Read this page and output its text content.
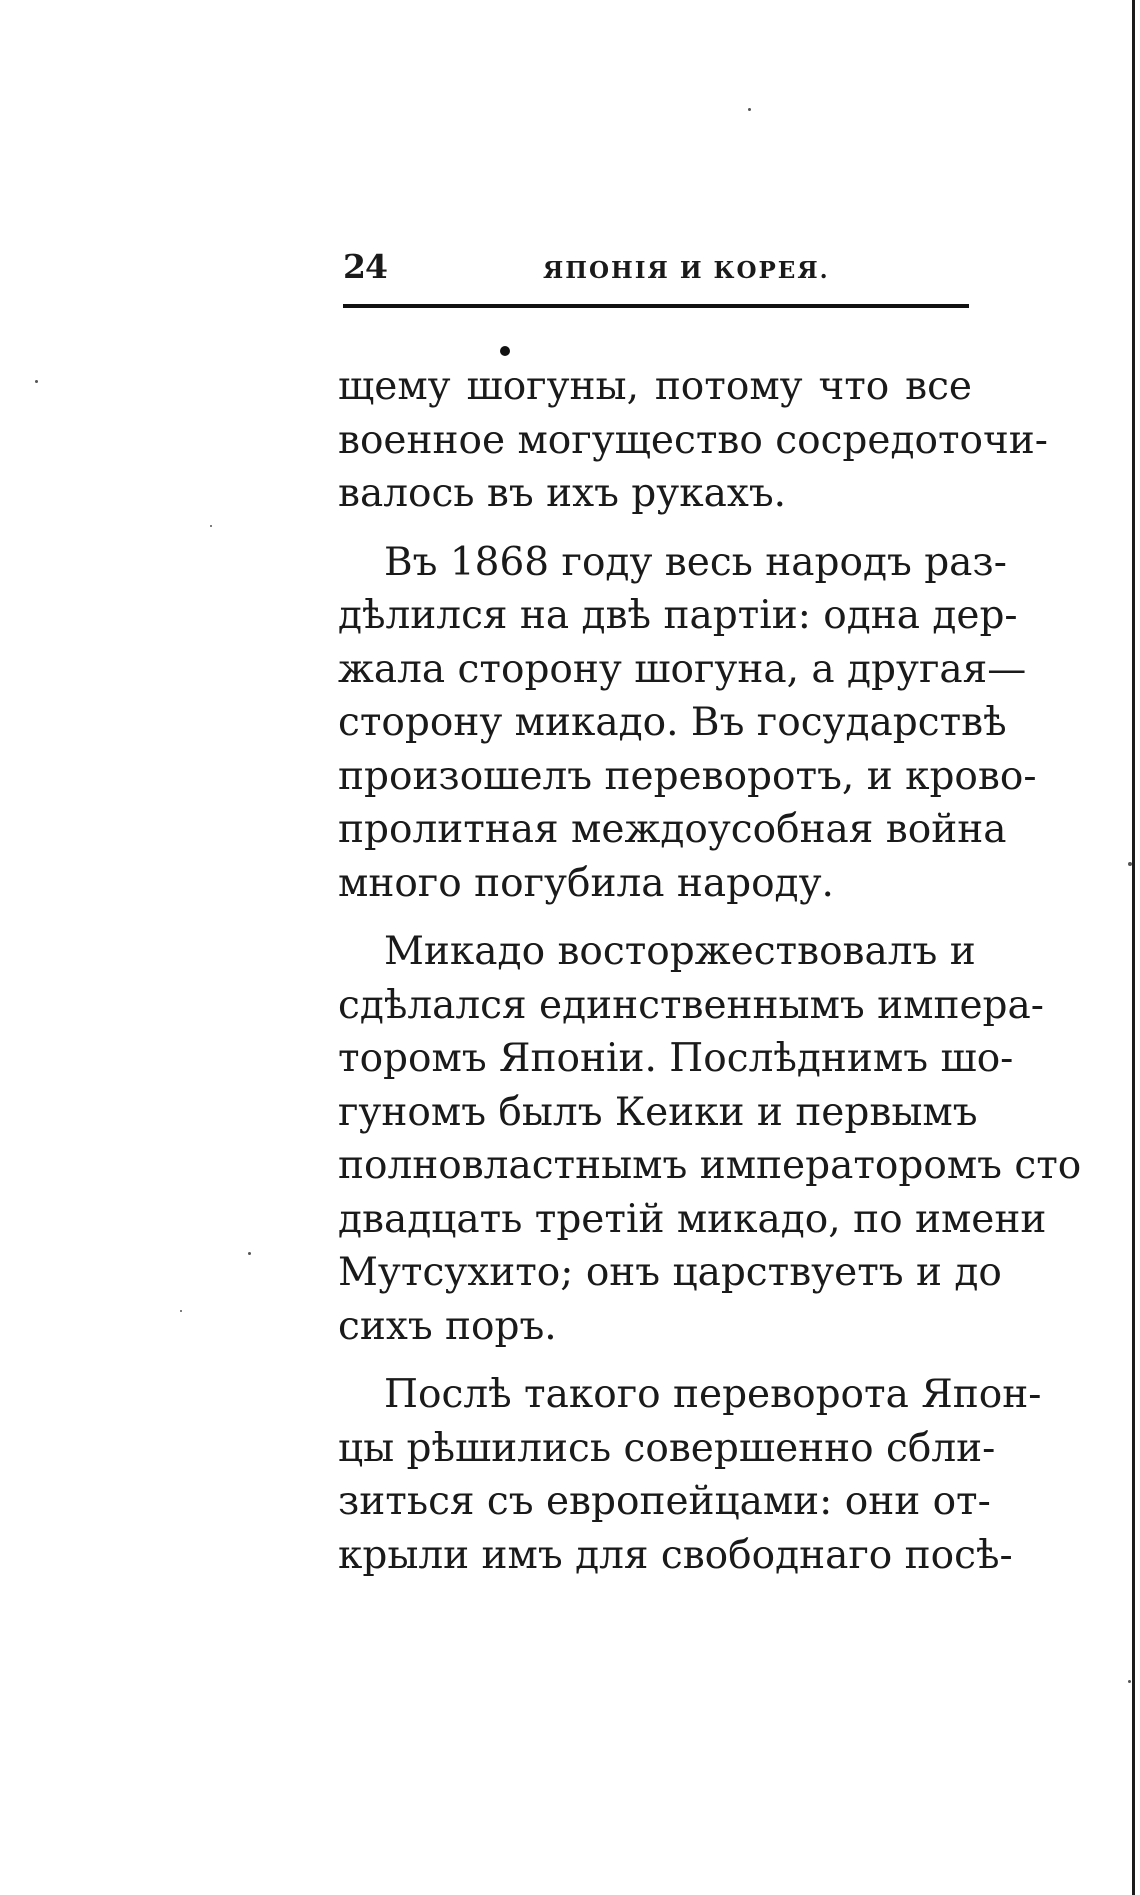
24	ЯПОНІЯ И КОРЕЯ.
щему шогуны, потому что все
военное могущество сосредоточи-
валось въ ихъ рукахъ.
Въ 1868 году весь народъ раз-
дѣлился на двѣ партіи: одна дер-
жала сторону шогуна, а другая—
сторону микадо. Въ государствѣ
произошелъ переворотъ, и крово-
пролитная междоусобная война
много погубила народу.
Микадо восторжествовалъ и
сдѣлался единственнымъ импера-
торомъ Японіи. Послѣднимъ шо-
гуномъ былъ Кеики и первымъ
полновластнымъ императоромъ сто
двадцать третій микадо, по имени
Мутсухито; онъ царствуетъ и до
сихъ поръ.
Послѣ такого переворота Япон-
цы рѣшились совершенно сбли-
зиться съ европейцами: они от-
крыли имъ для свободнаго посѣ-
